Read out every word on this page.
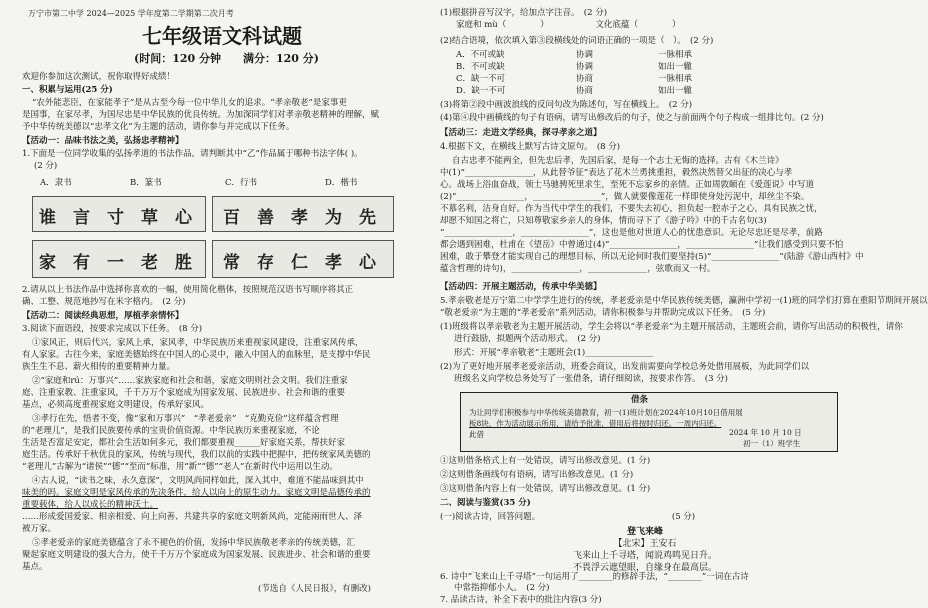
万宁市第二中学 2024—2025 学年度第二学期第二次月考
七年级语文科试题
(时间：120 分钟　　满分：120 分)
欢迎你参加这次测试，祝你取得好成绩！
一、积累与运用(25 分)
“农外能悲臣，在家能孝子”是从古至今每一位中华儿女的追求。“孝亲敬老”是家事更
是国事，在家尽孝，为国尽忠是中华民族的优良传统。为加深同学们对孝亲敬老精神的理解，赋
予中华传统美德以“忠孝文化”为主题的活动，请你参与并完成以下任务。
【活动一：品味书法之美，弘扬忠孝精神】
1.下面是一位同学收集的弘扬孝道的书法作品，请判断其中“乙”作品属于哪种书法字体( )。
(2 分)
A．隶书	B．篆书	C．行书	D．楷书
谁 言 寸 草 心 百 善 孝 为 先
家 有 一 老 胜 常 存 仁 孝 心
2.请从以上书法作品中选择你喜欢的一幅，使用简化楷体，按照规范汉语书写顺序将其正
确、工整、规范地抄写在米字格内。　(2 分)
【活动二：阅读经典思想，厚植孝亲情怀】
3.阅读下面语段，按要求完成以下任务。　(8 分)
①家风正，则后代兴，家风上承，家风孝，中华民族历来重视家风建设，注重家风传承，
有人家家。古往今来，家庭美德始终在中国人的心灵中，融入中国人的血脉里，是支撑中华民
族生生不息、薪火相传的重要精神力量。
②“家庭和rú：万事兴”……家族家庭和社会和谐，家庭文明则社会文明。我们注重家
庭、注重家教、注重家风，千千万万个家庭成为国家发展、民族进步、社会和谐的重要
基点，必须高度重视家庭文明建设，传承好家风。
③孝行在先，悟者不变，像“家和万事兴”　“孝老爱亲”　“克勤克俭”这样蕴含哲理
的“老理儿”，是我们民族要传承的宝贵价值资源。中华民族历来重视家庭，不论
生活是否富足安定，都社会生活如何多元，我们都要重视______好家庭关系，帮扶好家
庭生活。传承好千秋优良的家风，传统与现代，我们以前的实践中把握中，把传统家风美德的
“老理儿”古解为“诸侯”“德”“至而”标准，用“新”“德”“老人”在新时代中运用以生动。
④古人说，“读书之味，永久意深”，文明风尚同样如此，深入其中，难道不能品味到其中
味美的吗。家庭文明是家风传承的先决条件，给人以向上的原生动力。家庭文明是品德传承的
重要载体，给人以成长的精神沃土。
……形成爱国爱家、相亲相爱、向上向善、共建共享的家庭文明新风尚，定能兩雨世人、泽
被万家。
⑤孝老爱亲的家庭美德蕴含了永不褪色的价值，发扬中华民族敬老孝亲的传统美德，汇
聚起家庭文明建设的强大合力，使千千万万个家庭成为国家发展、民族进步、社会和谐的重要
基点。
(节选自《人民日报》，有删改)
(1)根据拼音写汉字，给加点字注音。　(2 分)
家庭和 mù（　　　　）　　　　　　文化底蕴（　　　　）
(2)结合语境，依次填入第③段横线处的词语正确的一项是（　）。　(2 分)
A．不可或缺	协调	一脉相承
B．不可或缺	协调	如出一辙
C．缺一不可	协商	一脉相承
D．缺一不可	协商	如出一辙
(3)将第②段中画波浪线的反问句改为陈述句，写在横线上。　(2 分)
(4)第④段中画横线的句子有语病，请写出修改后的句子，使之与前面两个句子构成一组排比句。(2 分)
【活动三：走进文学经典，探寻孝亲之道】
4.根据下文，在横线上默写古诗文原句。　(8 分)
自古忠孝不能两全，但先忠后孝，先国后家，是每一个志士无悔的选择。古有《木兰诗》
中(1)“________________，从此替爷征”表达了花木兰勇挑重担，毅然决然替父出征的决心与孝
心。战场上浴血奋战，领士马驰骋死里求生，至死不忘家乡的亲情。正如周敦颐在《爱莲说》中写道
(2)“________________，________________”，做人就要像莲花一样即使身处污泥中，却丝尘不染。
不慕名利，洁身自好。作为当代中学生的我们，不要失去初心，担负起一腔赤子之心，具有民族之忧，
却愿不知国之将亡，只知尊敬家乡亲人的身体，情而寻下了《游子吟》中的千古名句(3)
“________________，________________”，这也是他对世道人心的忧患意识。无论尽忠还是尽孝，前路
都会遇到困难，杜甫在《望岳》中曾通过(4)“________________，________________”让我们感受到只要不怕
困难，敢于攀登才能实现自己的理想目标，所以无论何时我们要坚持(5)“________________”(陆游《游山西村》中
蕴含哲理的诗句)，________________，______________，弦歌而又一村。
【活动四：开展主题活动，传承中华美德】
5.孝亲敬老是万宁第二中学学生进行的传统，孝老爱亲是中华民族传统美德，瀛洲中学初一(1)班的同学们打算在重阳节期间开展以
“敬老爱亲”为主题的“孝老爱亲”系列活动，请你积极参与并帮助完成以下任务。　(5 分)
(1)班级将以孝亲敬老为主题开展活动，学生会将以“孝老爱亲”为主题开展活动，主题班会前，请你写出活动的积极性，请你
进行鼓励，拟题两个活动形式。　(2 分)
形式：开展“孝亲敬老”主题班会(1)________________
(2)为了更好地开展孝老爱亲活动，班委会商议，出发前需要向学校总务处借用展板，为此同学们以
班级名义向学校总务处写了一张借条，请仔细阅读，按要求作答。　(3 分)
借条
为让同学们积极参与中华传统美德教育，初一(1)班计划在2024年10月10日借用展
板8块，作为活动展示所用，请给予批准，借用后将按时归还。一周内归还。
此借	2024 年 10 月 10 日
初一（1）班学生
①这则借条格式上有一处错误，请写出修改意见。(1 分)
②这则借条画线句有语病，请写出修改意见。(1 分)
③这则借条内容上有一处错误，请写出修改意见。(1 分)
二、阅读与鉴赏(35 分)
(一)阅读古诗，回答问题。　　　　　　　　　　　　　　　　(5 分)
登飞来峰
【北宋】王安石
飞来山上千寻塔，闻说鸡鸣见日升。
不畏浮云遮望眼，自缘身在最高层。
6. 诗中“飞来山上千寻塔”一句运用了________的修辞手法，“________”一词在古诗
中常指抑郁小人。　(2 分)
7. 品读古诗，补全下表中的批注内容(3 分)
